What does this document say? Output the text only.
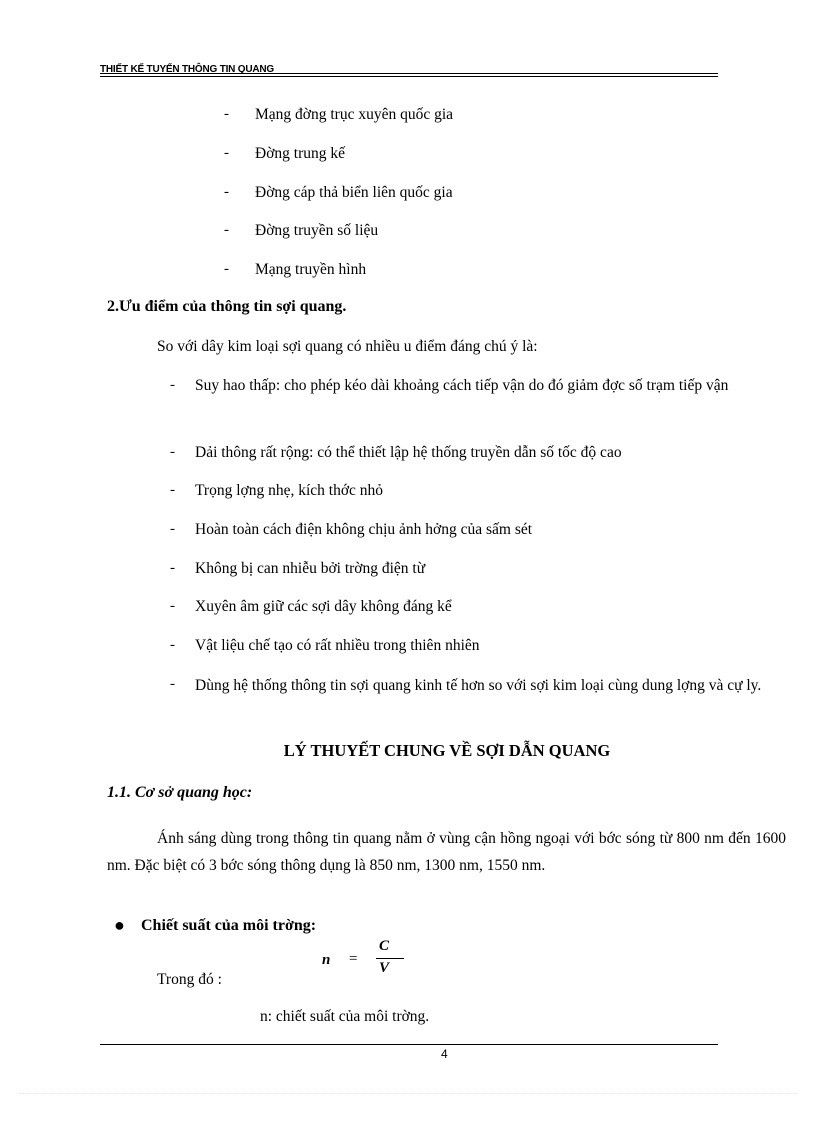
THIẾT KẾ TUYẾN THÔNG TIN QUANG
- Mạng đờng trục xuyên quốc gia
- Đờng trung kế
- Đờng cáp thả biển liên quốc gia
- Đờng truyền số liệu
- Mạng truyền hình
2.Ưu điểm của thông tin sợi quang.
So với dây kim loại sợi quang có nhiều u điểm đáng chú ý là:
- Suy hao thấp: cho phép kéo dài khoảng cách tiếp vận do đó giảm đợc số trạm tiếp vận
- Dải thông rất rộng: có thể thiết lập hệ thống truyền dẫn số tốc độ cao
- Trọng lợng nhẹ, kích thớc nhỏ
- Hoàn toàn cách điện không chịu ảnh hởng của sấm sét
- Không bị can nhiễu bởi trờng điện từ
- Xuyên âm giữ các sợi dây không đáng kể
- Vật liệu chế tạo có rất nhiều trong thiên nhiên
- Dùng hệ thống thông tin sợi quang kinh tế hơn so với sợi kim loại cùng dung lợng và cự ly.
LÝ THUYẾT CHUNG VỀ SỢI DẪN QUANG
1.1. Cơ sở quang học:
Ánh sáng dùng trong thông tin quang nằm ở vùng cận hồng ngoại với bớc sóng từ 800 nm đến 1600 nm. Đặc biệt có 3 bớc sóng thông dụng là 850 nm, 1300 nm, 1550 nm.
● Chiết suất của môi trờng:
n =
C
V
Trong đó :
n: chiết suất của môi trờng.
4
